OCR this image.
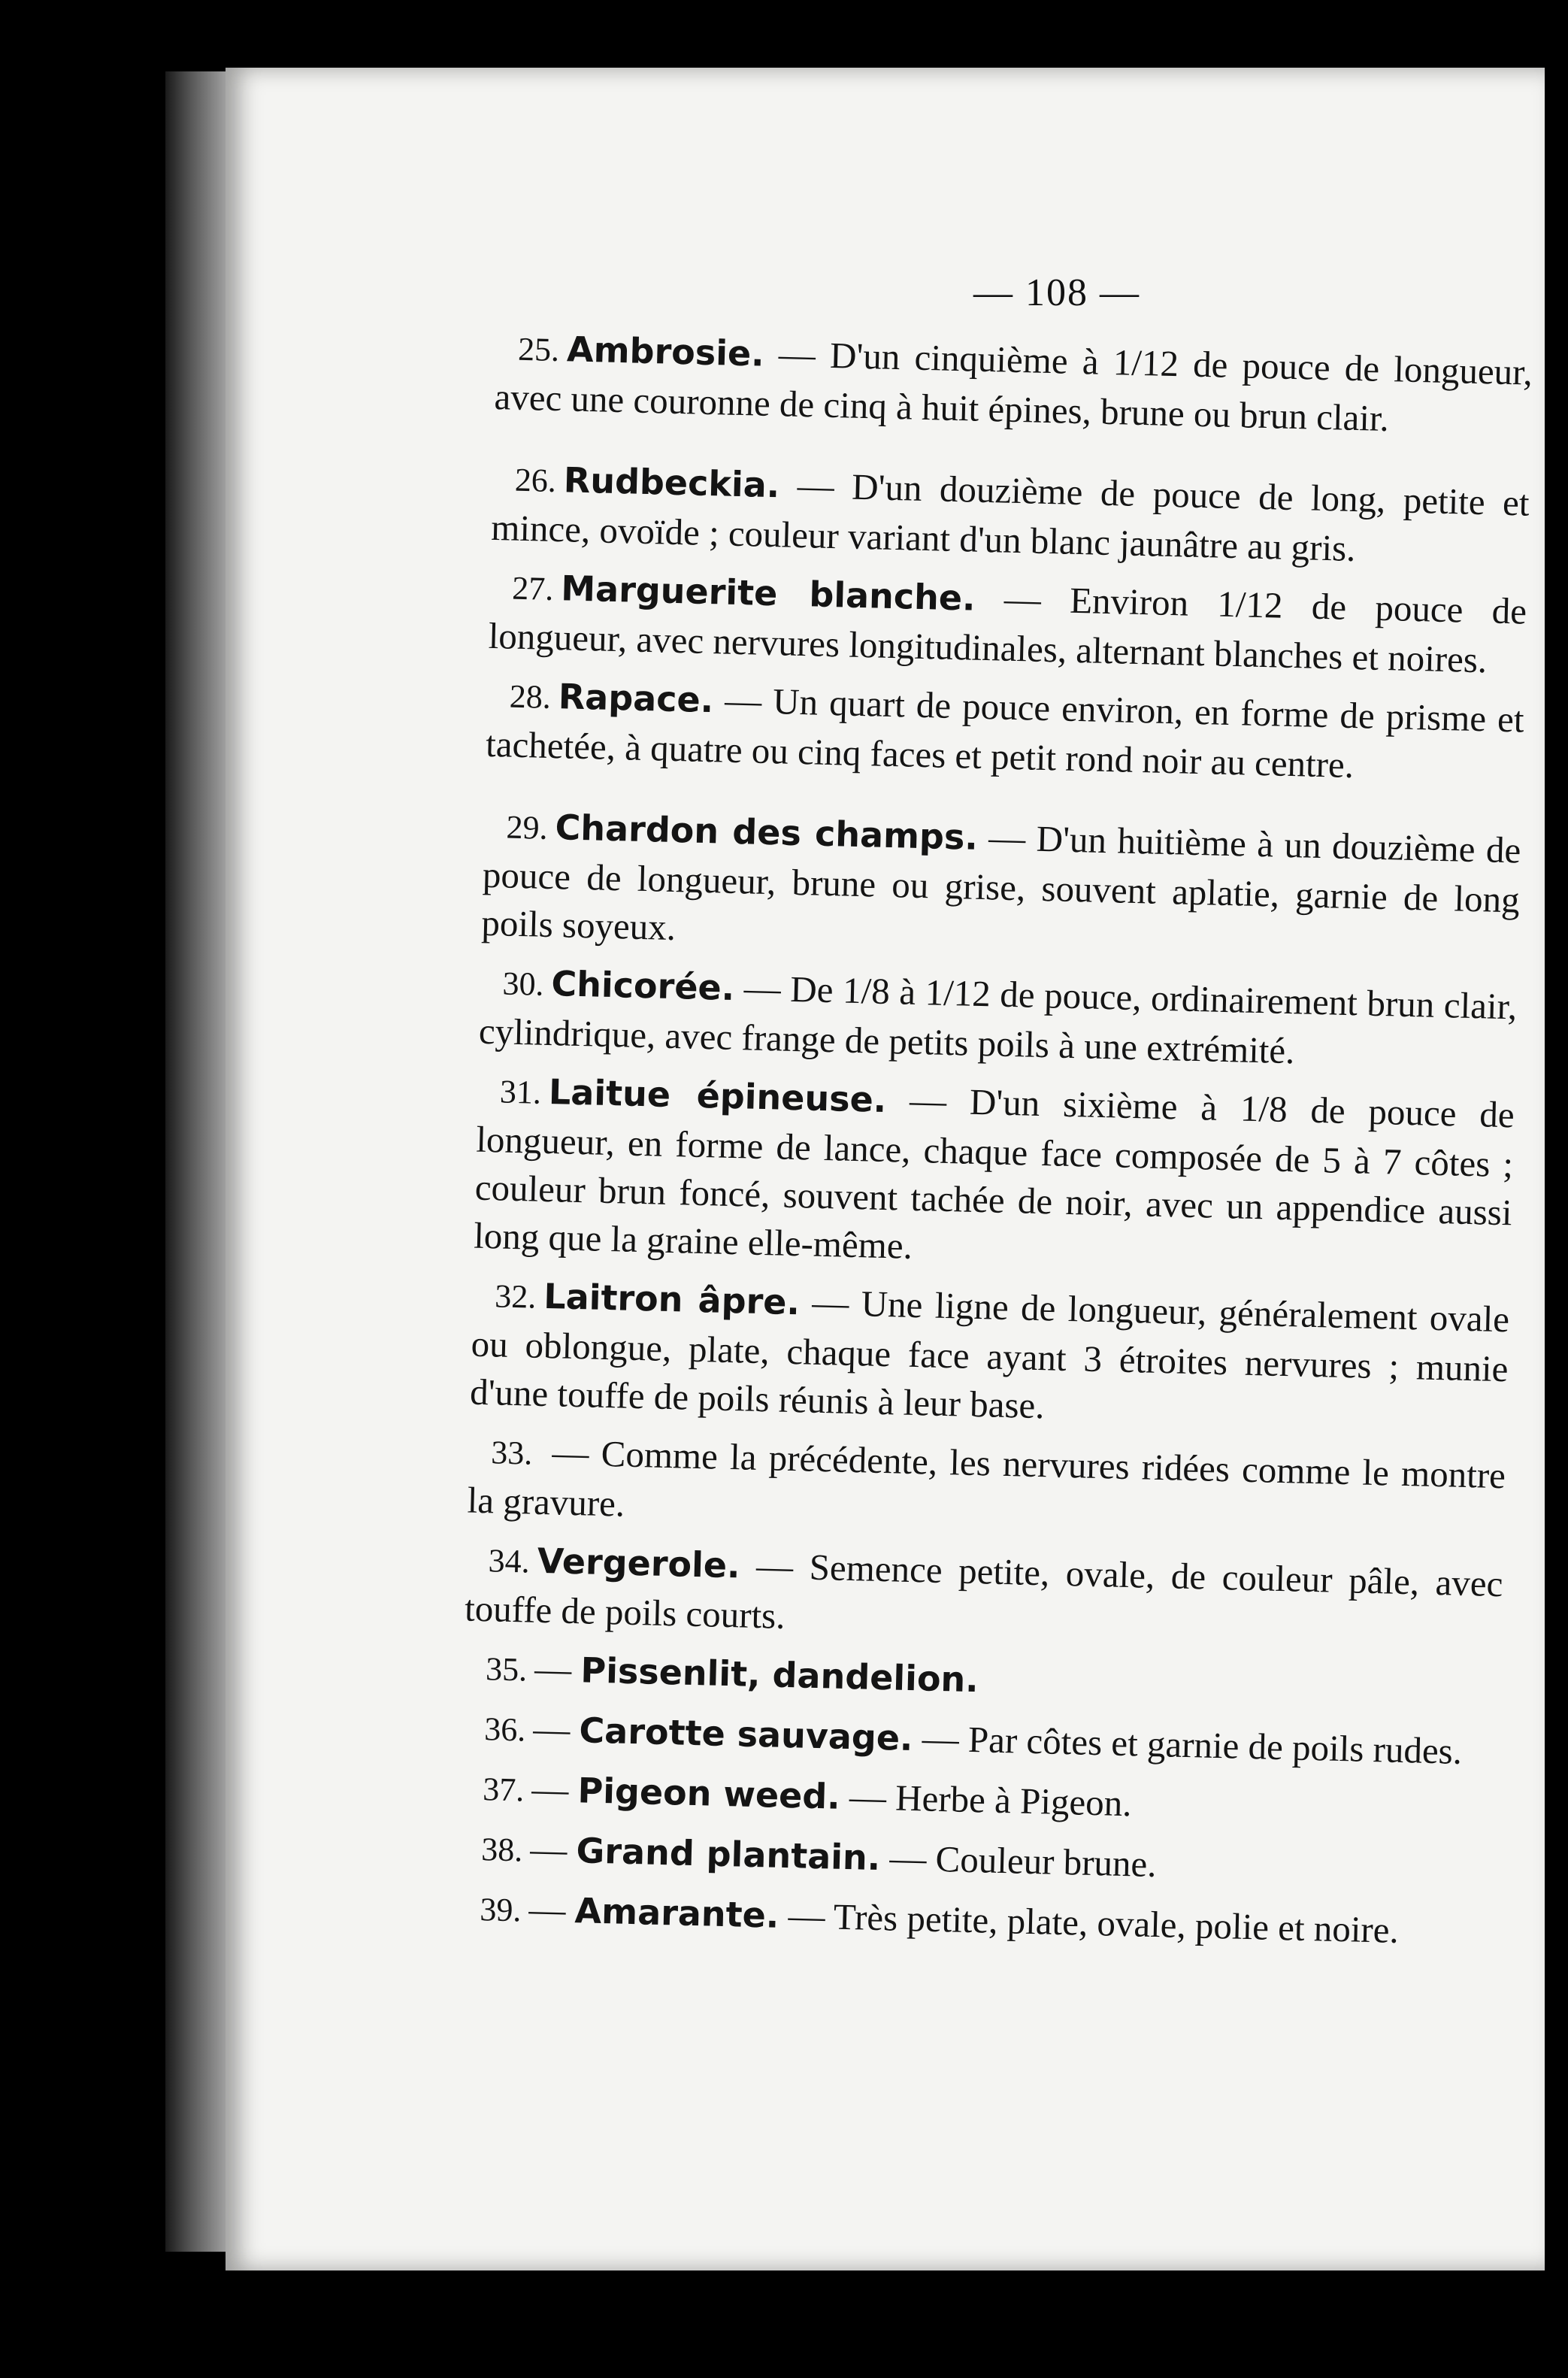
— 108 —

25. Ambrosie. — D'un cinquième à 1/12 de pouce de longueur, avec une couronne de cinq à huit épines, brune ou brun clair.

26. Rudbeckia. — D'un douzième de pouce de long, petite et mince, ovoïde ; couleur variant d'un blanc jaunâtre au gris.

27. Marguerite blanche. — Environ 1/12 de pouce de longueur, avec nervures longitudinales, alternant blanches et noires.

28. Rapace. — Un quart de pouce environ, en forme de prisme et tachetée, à quatre ou cinq faces et petit rond noir au centre.

29. Chardon des champs. — D'un huitième à un douzième de pouce de longueur, brune ou grise, souvent aplatie, garnie de long poils soyeux.

30. Chicorée. — De 1/8 à 1/12 de pouce, ordinairement brun clair, cylindrique, avec frange de petits poils à une extrémité.

31. Laitue épineuse. — D'un sixième à 1/8 de pouce de longueur, en forme de lance, chaque face composée de 5 à 7 côtes ; couleur brun foncé, souvent tachée de noir, avec un appendice aussi long que la graine elle-même.

32. Laitron âpre. — Une ligne de longueur, généralement ovale ou oblongue, plate, chaque face ayant 3 étroites nervures ; munie d'une touffe de poils réunis à leur base.

33. — Comme la précédente, les nervures ridées comme le montre la gravure.

34. Vergerole. — Semence petite, ovale, de couleur pâle, avec touffe de poils courts.

35. — Pissenlit, dandelion.

36. — Carotte sauvage. — Par côtes et garnie de poils rudes.

37. — Pigeon weed. — Herbe à Pigeon.

38. — Grand plantain. — Couleur brune.

39. — Amarante. — Très petite, plate, ovale, polie et noire.
